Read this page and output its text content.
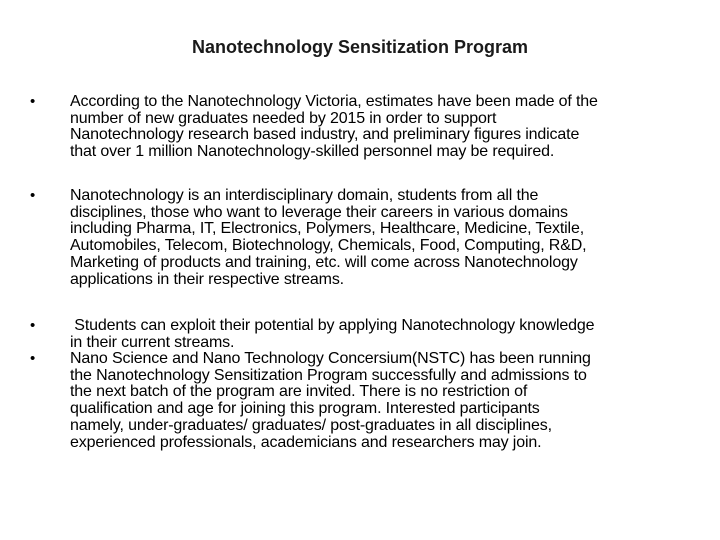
Nanotechnology Sensitization Program
• According to the Nanotechnology Victoria, estimates have been made of the
number of new graduates needed by 2015 in order to support
Nanotechnology research based industry, and preliminary figures indicate
that over 1 million Nanotechnology-skilled personnel may be required.
• Nanotechnology is an interdisciplinary domain, students from all the
disciplines, those who want to leverage their careers in various domains
including Pharma, IT, Electronics, Polymers, Healthcare, Medicine, Textile,
Automobiles, Telecom, Biotechnology, Chemicals, Food, Computing, R&D,
Marketing of products and training, etc. will come across Nanotechnology
applications in their respective streams.
• Students can exploit their potential by applying Nanotechnology knowledge
in their current streams.
• Nano Science and Nano Technology Concersium(NSTC) has been running
the Nanotechnology Sensitization Program successfully and admissions to
the next batch of the program are invited. There is no restriction of
qualification and age for joining this program. Interested participants
namely, under-graduates/ graduates/ post-graduates in all disciplines,
experienced professionals, academicians and researchers may join.
